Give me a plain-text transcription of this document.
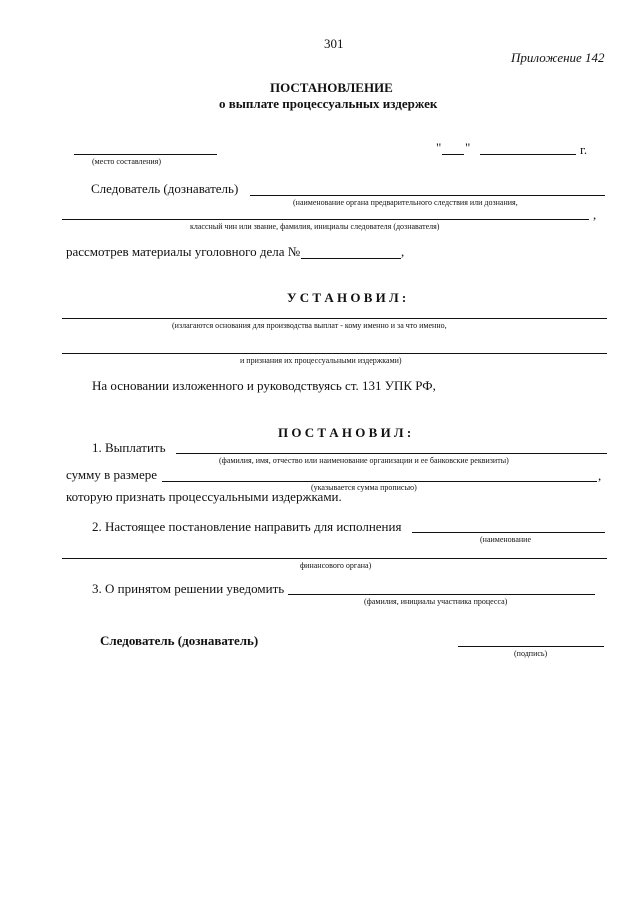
301
Приложение 142
ПОСТАНОВЛЕНИЕ
о выплате процессуальных издержек
(место составления)
" "	г.
Следователь (дознаватель)
(наименование органа предварительного следствия или дознания,
,
классный чин или звание, фамилия, инициалы следователя (дознавателя)
рассмотрев материалы уголовного дела №	,
У С Т А Н О В И Л :
(излагаются основания для производства выплат - кому именно и за что именно,
и признания их процессуальными издержками)
На основании изложенного и руководствуясь ст. 131 УПК РФ,
П О С Т А Н О В И Л :
1. Выплатить
(фамилия, имя, отчество или наименование организации и ее банковские реквизиты)
сумму в размере	,
(указывается сумма прописью)
которую признать процессуальными издержками.
2. Настоящее постановление направить для исполнения
(наименование
финансового органа)
3. О принятом решении уведомить
(фамилия, инициалы участника процесса)
Следователь (дознаватель)
(подпись)
